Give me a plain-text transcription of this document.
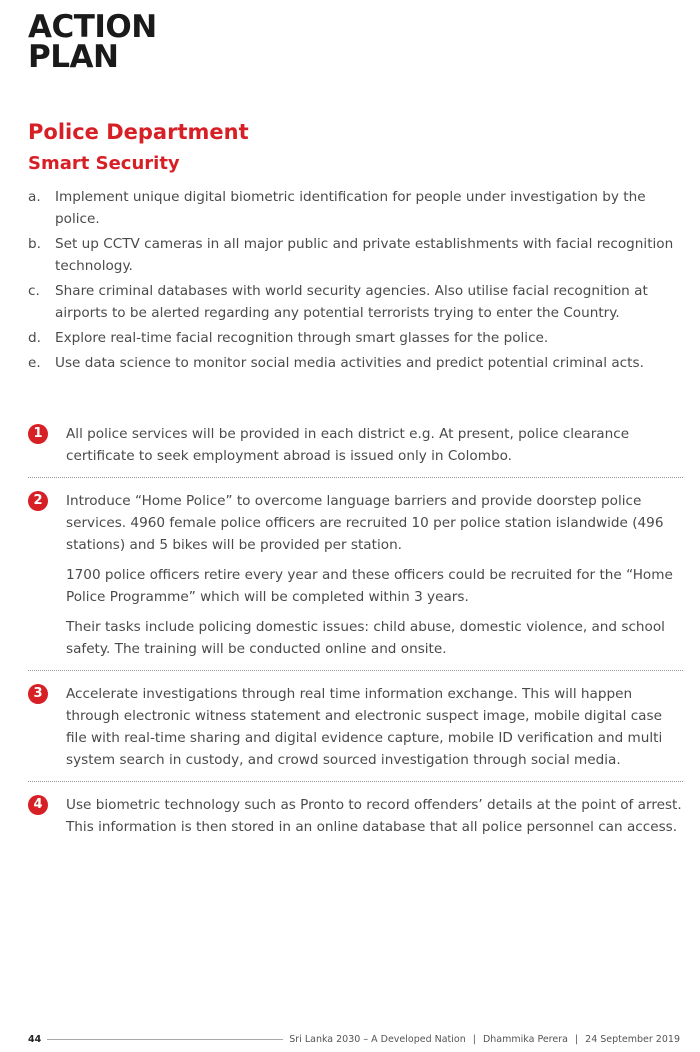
ACTION
PLAN
Police Department
Smart Security
a.	Implement unique digital biometric identification for people under investigation by the police.
b.	Set up CCTV cameras in all major public and private establishments with facial recognition technology.
c.	Share criminal databases with world security agencies. Also utilise facial recognition at airports to be alerted regarding any potential terrorists trying to enter the Country.
d.	Explore real-time facial recognition through smart glasses for the police.
e.	Use data science to monitor social media activities and predict potential criminal acts.
1	All police services will be provided in each district e.g. At present, police clearance certificate to seek employment abroad is issued only in Colombo.

2	Introduce “Home Police” to overcome language barriers and provide doorstep police services. 4960 female police officers are recruited 10 per police station islandwide (496 stations) and 5 bikes will be provided per station.

1700 police officers retire every year and these officers could be recruited for the “Home Police Programme” which will be completed within 3 years.

Their tasks include policing domestic issues: child abuse, domestic violence, and school safety. The training will be conducted online and onsite.

3	Accelerate investigations through real time information exchange. This will happen through electronic witness statement and electronic suspect image, mobile digital case file with real-time sharing and digital evidence capture, mobile ID verification and multi system search in custody, and crowd sourced investigation through social media.

4	Use biometric technology such as Pronto to record offenders’ details at the point of arrest. This information is then stored in an online database that all police personnel can access.

44	Sri Lanka 2030 – A Developed Nation | Dhammika Perera | 24 September 2019
